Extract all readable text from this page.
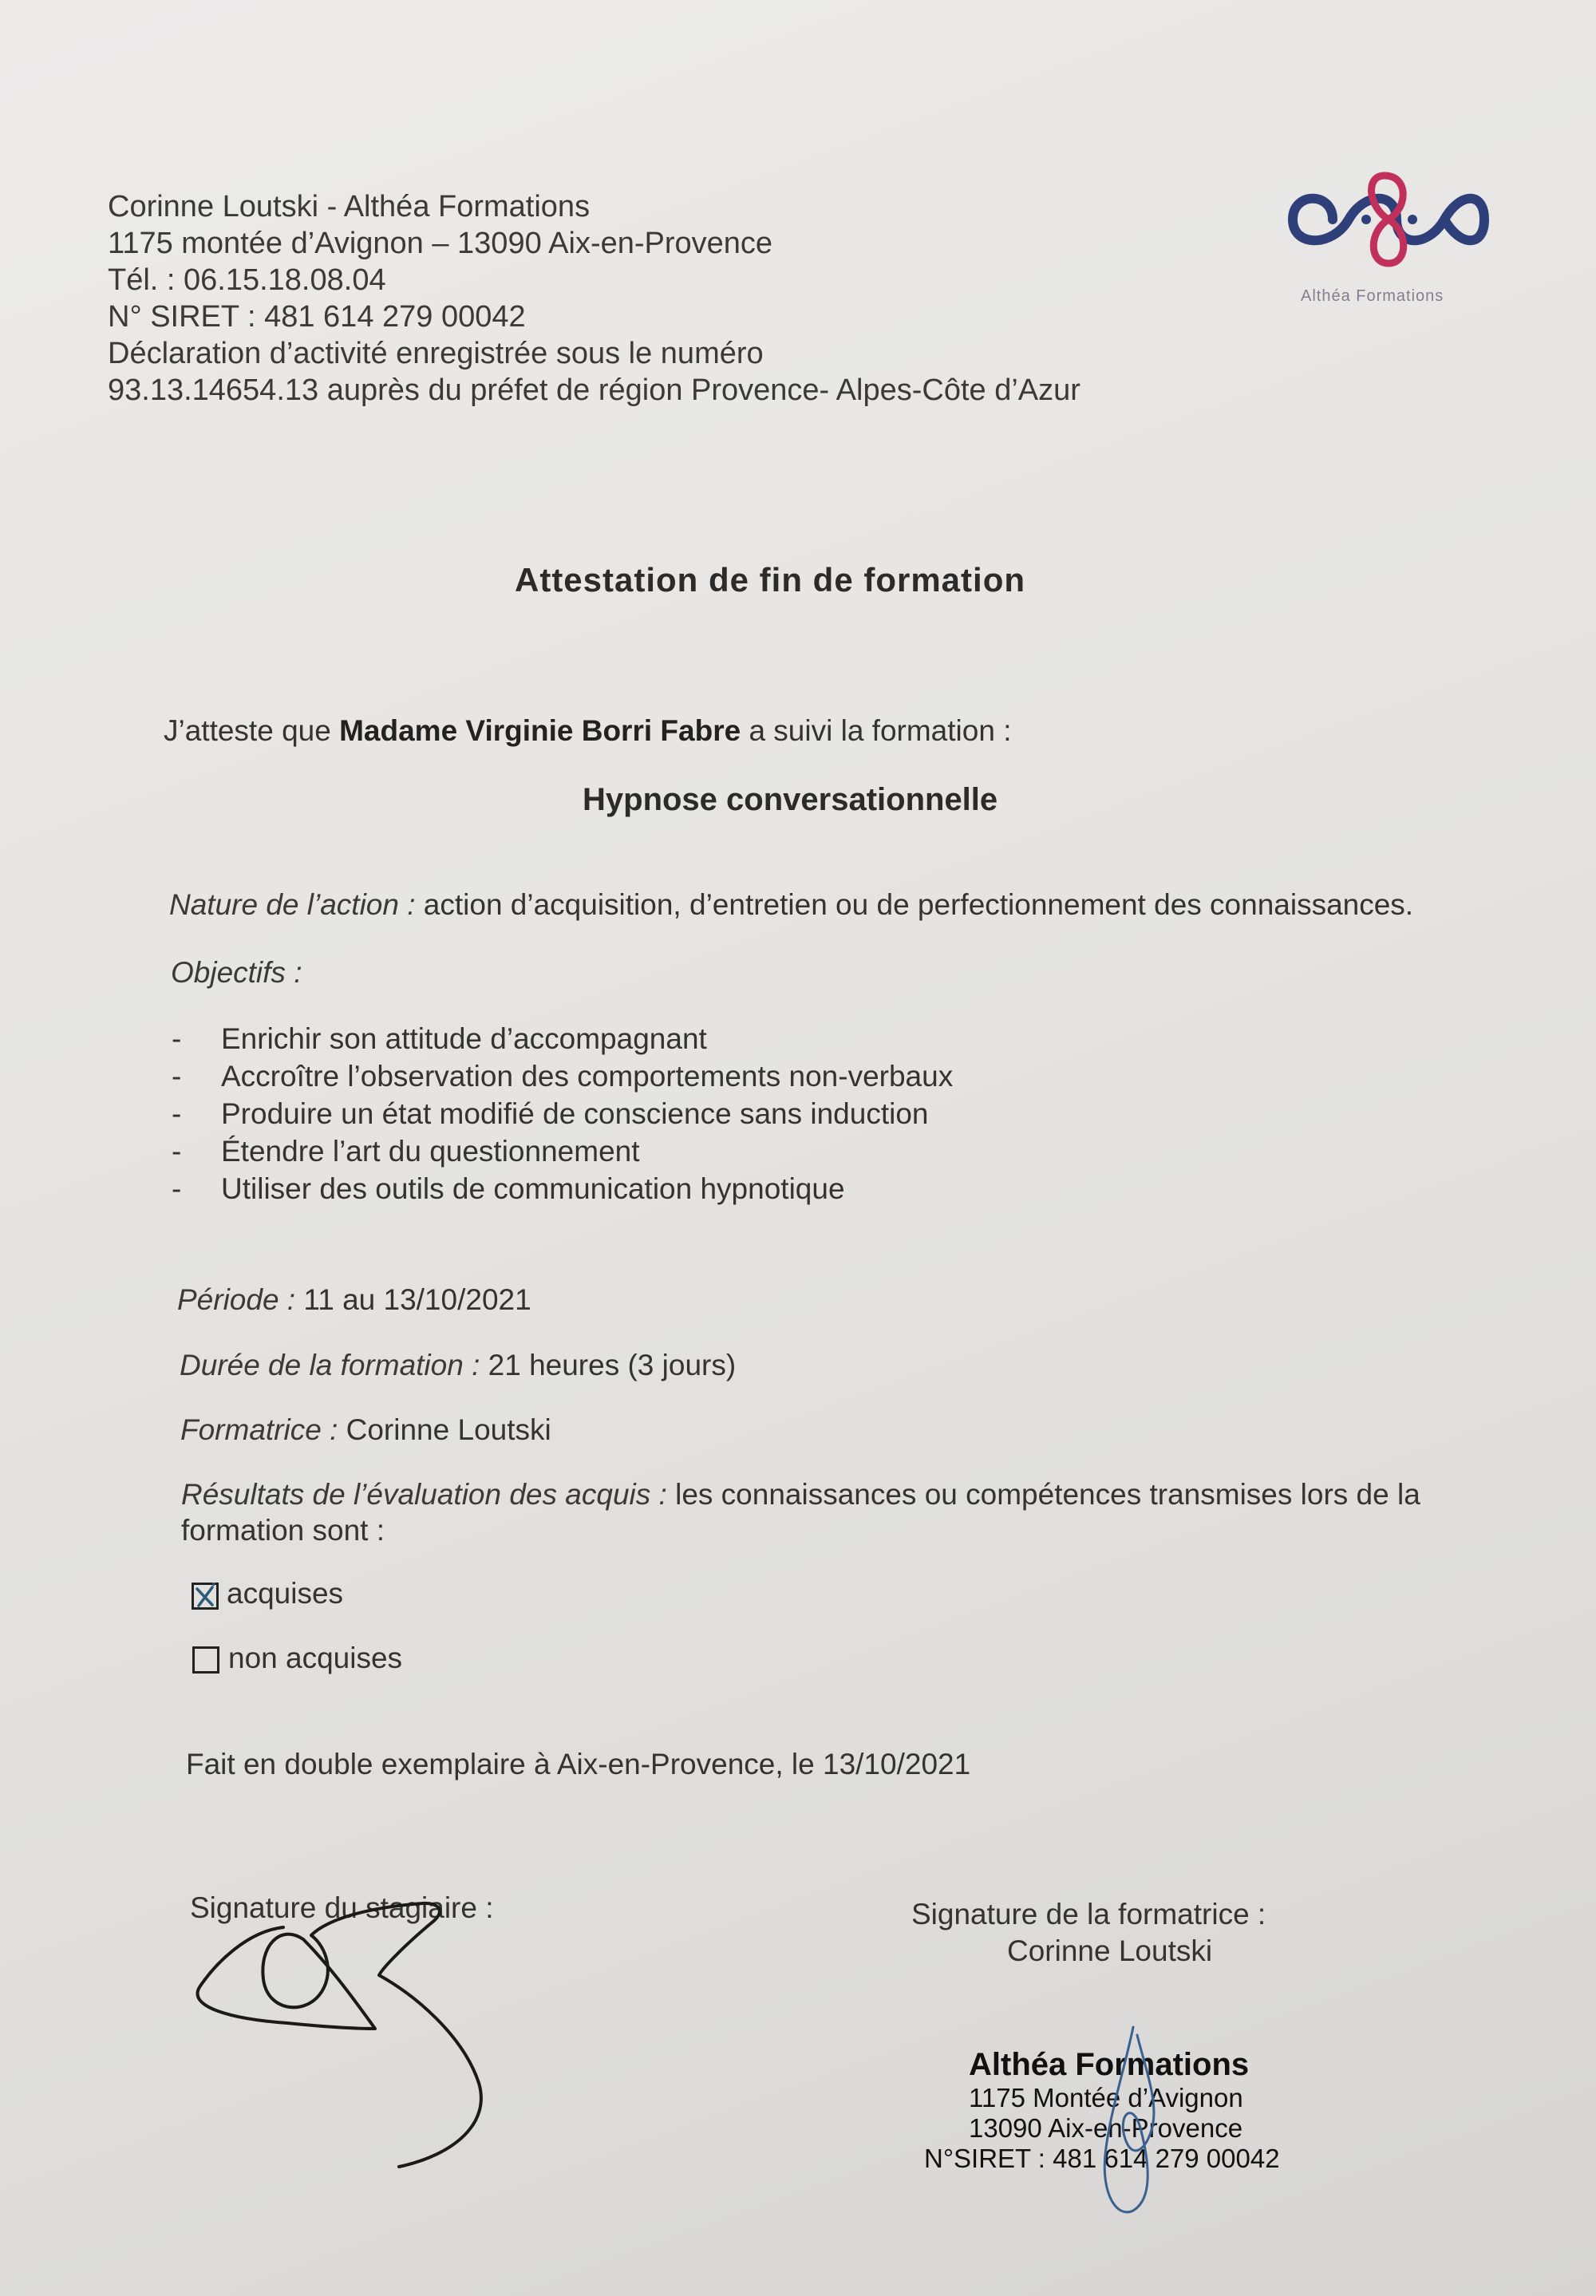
Corinne Loutski - Althéa Formations
1175 montée d’Avignon – 13090 Aix-en-Provence
Tél. : 06.15.18.08.04
N° SIRET : 481 614 279 00042
Déclaration d’activité enregistrée sous le numéro
93.13.14654.13 auprès du préfet de région Provence- Alpes-Côte d’Azur
Althéa Formations
Attestation de fin de formation
J’atteste que Madame Virginie Borri Fabre a suivi la formation :
Hypnose conversationnelle
Nature de l’action : action d’acquisition, d’entretien ou de perfectionnement des connaissances.
Objectifs :
- Enrichir son attitude d’accompagnant
- Accroître l’observation des comportements non-verbaux
- Produire un état modifié de conscience sans induction
- Étendre l’art du questionnement
- Utiliser des outils de communication hypnotique
Période : 11 au 13/10/2021
Durée de la formation : 21 heures (3 jours)
Formatrice : Corinne Loutski
Résultats de l’évaluation des acquis : les connaissances ou compétences transmises lors de la
formation sont :
acquises
non acquises
Fait en double exemplaire à Aix-en-Provence, le 13/10/2021
Signature du stagiaire :	Signature de la formatrice :
Corinne Loutski
Althéa Formations
1175 Montée d’Avignon
13090 Aix-en-Provence
N°SIRET : 481 614 279 00042
